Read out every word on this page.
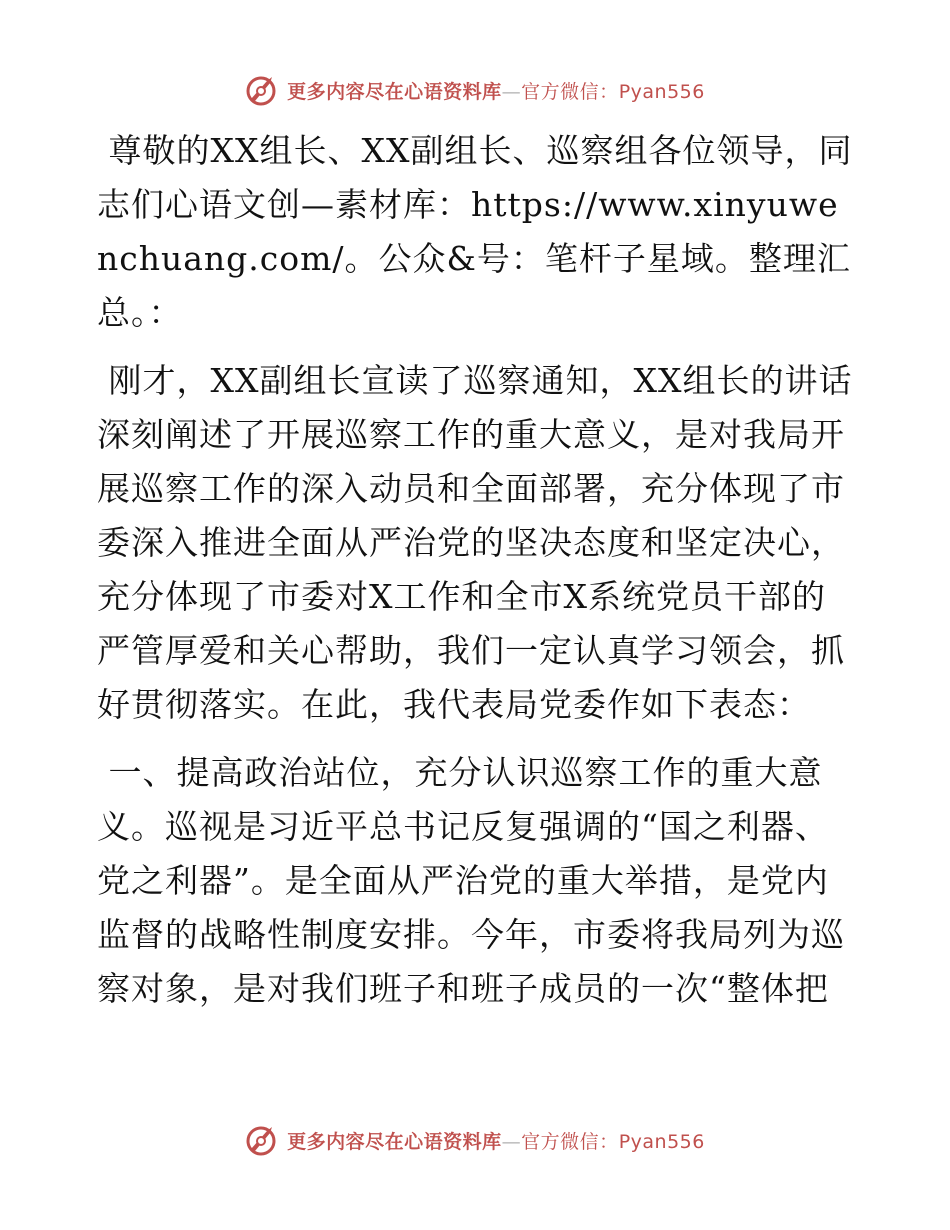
更多内容尽在心语资料库—官方微信：Pyan556

尊敬的XX组长、XX副组长、巡察组各位领导，同志们心语文创—素材库：https://www.xinyuwenchuang.com/。公众&号：笔杆子星域。整理汇总。：

刚才，XX副组长宣读了巡察通知，XX组长的讲话深刻阐述了开展巡察工作的重大意义，是对我局开展巡察工作的深入动员和全面部署，充分体现了市委深入推进全面从严治党的坚决态度和坚定决心，充分体现了市委对X工作和全市X系统党员干部的严管厚爱和关心帮助，我们一定认真学习领会，抓好贯彻落实。在此，我代表局党委作如下表态：

一、提高政治站位，充分认识巡察工作的重大意义。巡视是习近平总书记反复强调的“国之利器、党之利器”。是全面从严治党的重大举措，是党内监督的战略性制度安排。今年，市委将我局列为巡察对象，是对我们班子和班子成员的一次“整体把

更多内容尽在心语资料库—官方微信：Pyan556
